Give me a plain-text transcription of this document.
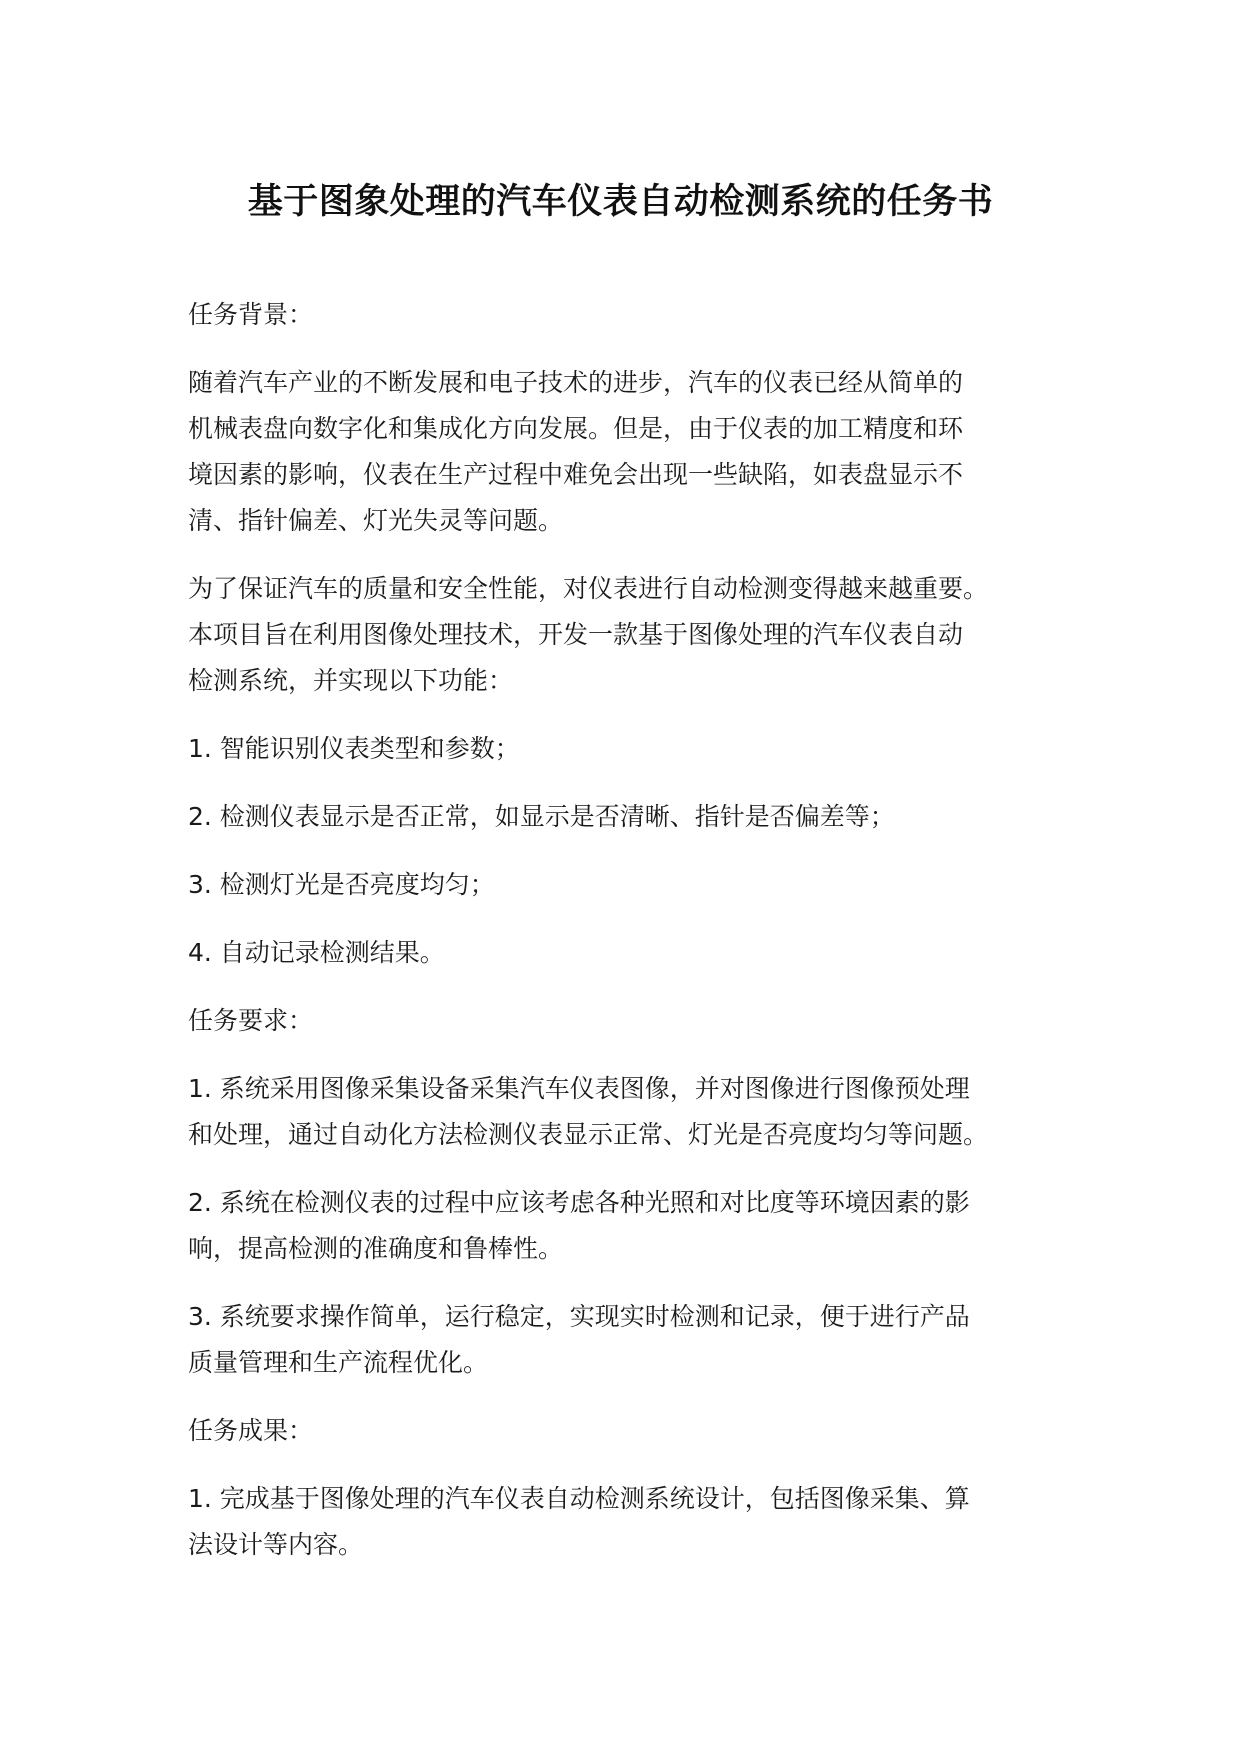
基于图象处理的汽车仪表自动检测系统的任务书

任务背景：

随着汽车产业的不断发展和电子技术的进步，汽车的仪表已经从简单的
机械表盘向数字化和集成化方向发展。但是，由于仪表的加工精度和环
境因素的影响，仪表在生产过程中难免会出现一些缺陷，如表盘显示不
清、指针偏差、灯光失灵等问题。

为了保证汽车的质量和安全性能，对仪表进行自动检测变得越来越重要。
本项目旨在利用图像处理技术，开发一款基于图像处理的汽车仪表自动
检测系统，并实现以下功能：

1. 智能识别仪表类型和参数；

2. 检测仪表显示是否正常，如显示是否清晰、指针是否偏差等；

3. 检测灯光是否亮度均匀；

4. 自动记录检测结果。

任务要求：

1. 系统采用图像采集设备采集汽车仪表图像，并对图像进行图像预处理
和处理，通过自动化方法检测仪表显示正常、灯光是否亮度均匀等问题。

2. 系统在检测仪表的过程中应该考虑各种光照和对比度等环境因素的影
响，提高检测的准确度和鲁棒性。

3. 系统要求操作简单，运行稳定，实现实时检测和记录，便于进行产品
质量管理和生产流程优化。

任务成果：

1. 完成基于图像处理的汽车仪表自动检测系统设计，包括图像采集、算
法设计等内容。
